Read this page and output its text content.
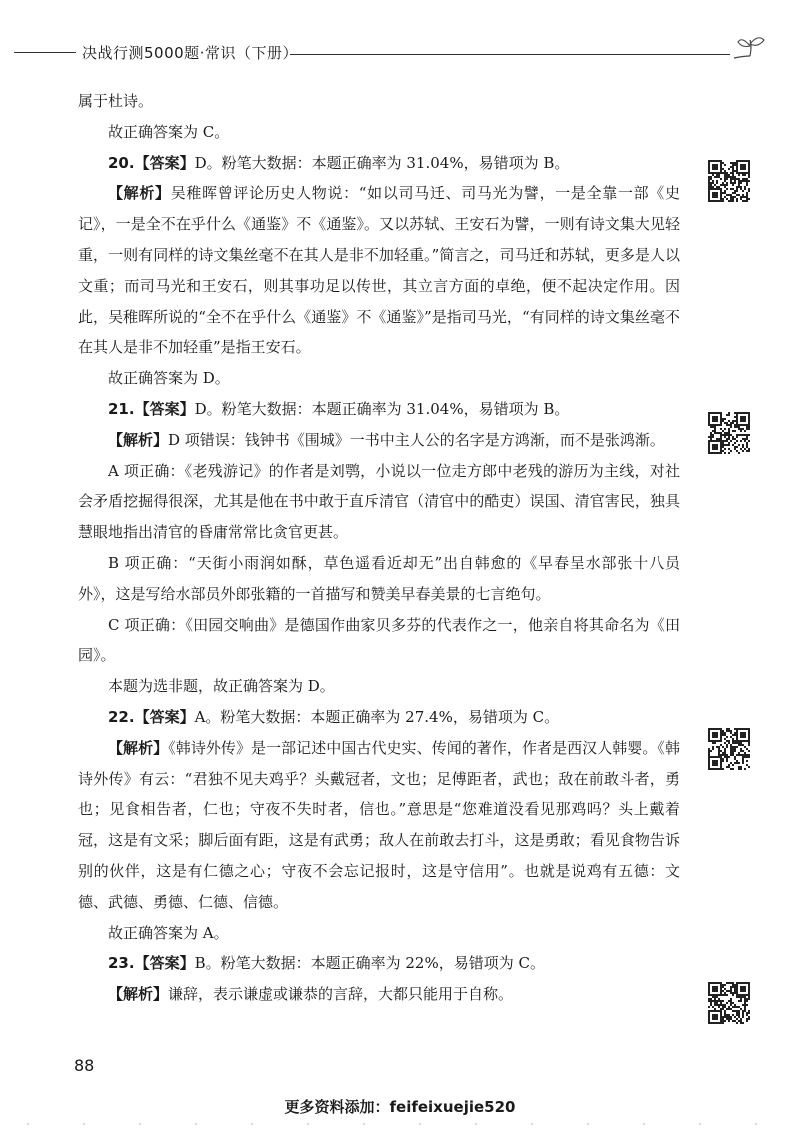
决战行测5000题·常识（下册）

属于杜诗。

故正确答案为 C。

20.【答案】D。粉笔大数据：本题正确率为 31.04%，易错项为 B。

【解析】吴稚晖曾评论历史人物说：“如以司马迁、司马光为譬，一是全靠一部《史记》，一是全不在乎什么《通鉴》不《通鉴》。又以苏轼、王安石为譬，一则有诗文集大见轻重，一则有同样的诗文集丝毫不在其人是非不加轻重。”简言之，司马迁和苏轼，更多是人以文重；而司马光和王安石，则其事功足以传世，其立言方面的卓绝，便不起决定作用。因此，吴稚晖所说的“全不在乎什么《通鉴》不《通鉴》”是指司马光，“有同样的诗文集丝毫不在其人是非不加轻重”是指王安石。

故正确答案为 D。

21.【答案】D。粉笔大数据：本题正确率为 31.04%，易错项为 B。

【解析】D 项错误：钱钟书《围城》一书中主人公的名字是方鸿渐，而不是张鸿渐。

A 项正确：《老残游记》的作者是刘鹗，小说以一位走方郎中老残的游历为主线，对社会矛盾挖掘得很深，尤其是他在书中敢于直斥清官（清官中的酷吏）误国、清官害民，独具慧眼地指出清官的昏庸常常比贪官更甚。

B 项正确：“天街小雨润如酥，草色遥看近却无”出自韩愈的《早春呈水部张十八员外》，这是写给水部员外郎张籍的一首描写和赞美早春美景的七言绝句。

C 项正确：《田园交响曲》是德国作曲家贝多芬的代表作之一，他亲自将其命名为《田园》。

本题为选非题，故正确答案为 D。

22.【答案】A。粉笔大数据：本题正确率为 27.4%，易错项为 C。

【解析】《韩诗外传》是一部记述中国古代史实、传闻的著作，作者是西汉人韩婴。《韩诗外传》有云：“君独不见夫鸡乎？头戴冠者，文也；足傅距者，武也；敌在前敢斗者，勇也；见食相告者，仁也；守夜不失时者，信也。”意思是“您难道没看见那鸡吗？头上戴着冠，这是有文采；脚后面有距，这是有武勇；敌人在前敢去打斗，这是勇敢；看见食物告诉别的伙伴，这是有仁德之心；守夜不会忘记报时，这是守信用”。也就是说鸡有五德：文德、武德、勇德、仁德、信德。

故正确答案为 A。

23.【答案】B。粉笔大数据：本题正确率为 22%，易错项为 C。

【解析】谦辞，表示谦虚或谦恭的言辞，大都只能用于自称。

88
更多资料添加：feifeixuejie520
